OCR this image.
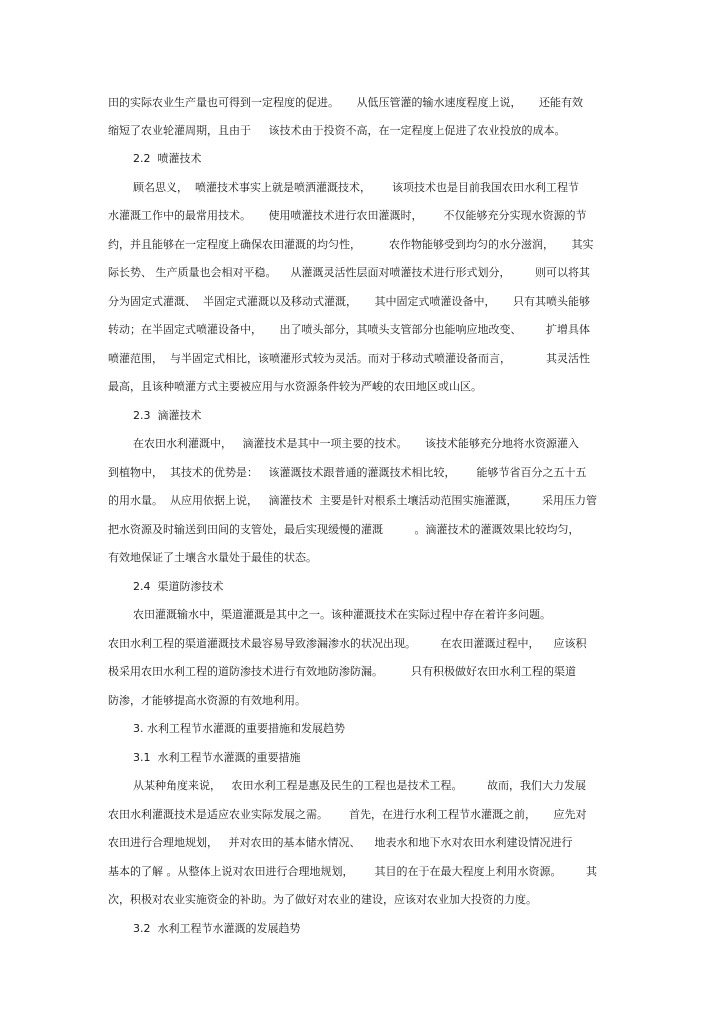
田的实际农业生产量也可得到一定程度的促进。     从低压管灌的输水速度程度上说，     还能有效
缩短了农业轮灌周期，且由于     该技术由于投资不高，在一定程度上促进了农业投放的成本。
2.2  喷灌技术
顾名思义，  喷灌技术事实上就是喷洒灌溉技术，      该项技术也是目前我国农田水利工程节
水灌溉工作中的最常用技术。     使用喷灌技术进行农田灌溉时，      不仅能够充分实现水资源的节
约，并且能够在一定程度上确保农田灌溉的均匀性，        农作物能够受到均匀的水分滋润，     其实
际长势、 生产质量也会相对平稳。    从灌溉灵活性层面对喷灌技术进行形式划分，       则可以将其
分为固定式灌溉、  半固定式灌溉以及移动式灌溉，     其中固定式喷灌设备中，     只有其喷头能够
转动；在半固定式喷灌设备中，     出了喷头部分，其喷头支管部分也能响应地改变、       扩增具体
喷灌范围，  与半固定式相比，该喷灌形式较为灵活。而对于移动式喷灌设备而言，          其灵活性
最高，且该种喷灌方式主要被应用与水资源条件较为严峻的农田地区或山区。
2.3  滴灌技术
在农田水利灌溉中，   滴灌技术是其中一项主要的技术。     该技术能够充分地将水资源灌入
到植物中，  其技术的优势是：   该灌溉技术跟普通的灌溉技术相比较，      能够节省百分之五十五
的用水量。  从应用依据上说，   滴灌技术  主要是针对根系土壤活动范围实施灌溉，       采用压力管
把水资源及时输送到田间的支管处，最后实现缓慢的灌溉         。滴灌技术的灌溉效果比较均匀，
有效地保证了土壤含水量处于最佳的状态。
2.4  渠道防渗技术
农田灌溉输水中，渠道灌溉是其中之一。该种灌溉技术在实际过程中存在着许多问题。
农田水利工程的渠道灌溉技术最容易导致渗漏渗水的状况出现。       在农田灌溉过程中，    应该积
极采用农田水利工程的道防渗技术进行有效地防渗防漏。        只有积极做好农田水利工程的渠道
防渗，才能够提高水资源的有效地利用。
3. 水利工程节水灌溉的重要措施和发展趋势
3.1  水利工程节水灌溉的重要措施
从某种角度来说，   农田水利工程是惠及民生的工程也是技术工程。       故而，我们大力发展
农田水利灌溉技术是适应农业实际发展之需。      首先，在进行水利工程节水灌溉之前，     应先对
农田进行合理地规划，   并对农田的基本储水情况、    地表水和地下水对农田水利建设情况进行
基本的了解 。从整体上说对农田进行合理地规划，      其目的在于在最大程度上利用水资源。       其
次，积极对农业实施资金的补助。为了做好对农业的建设，应该对农业加大投资的力度。
3.2  水利工程节水灌溉的发展趋势
